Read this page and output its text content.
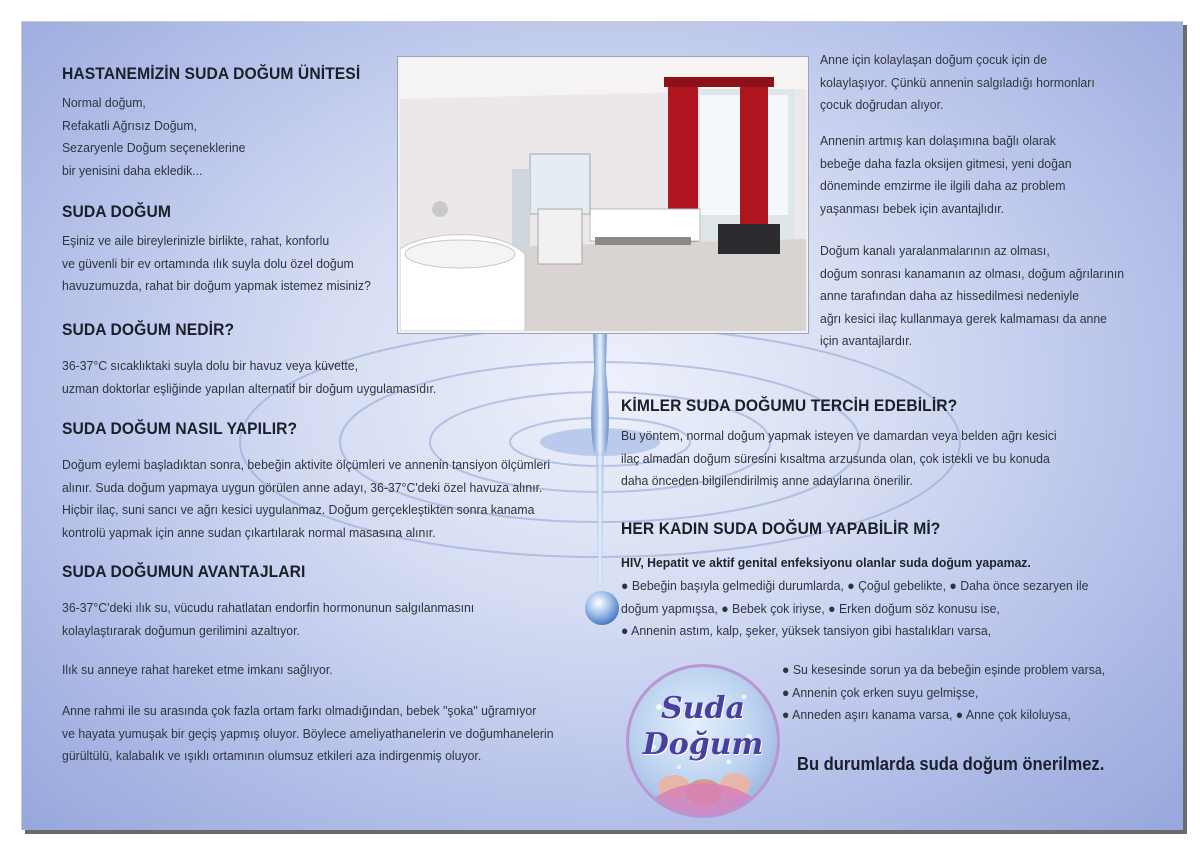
HASTANEMİZİN SUDA DOĞUM ÜNİTESİ
Normal doğum,
Refakatli Ağrısız Doğum,
Sezaryenle Doğum seçeneklerine
bir yenisini daha ekledik...
SUDA DOĞUM
Eşiniz ve aile bireylerinizle birlikte, rahat, konforlu
ve güvenli bir ev ortamında ılık suyla dolu özel doğum
havuzumuzda, rahat bir doğum yapmak istemez misiniz?
SUDA DOĞUM NEDİR?
36-37°C sıcaklıktaki suyla dolu bir havuz veya küvette,
uzman doktorlar eşliğinde yapılan alternatif bir doğum uygulamasıdır.
SUDA DOĞUM NASIL YAPILIR?
Doğum eylemi başladıktan sonra, bebeğin aktivite ölçümleri ve annenin tansiyon ölçümleri
alınır. Suda doğum yapmaya uygun görülen anne adayı, 36-37°C'deki özel havuza alınır.
Hiçbir ilaç, suni sancı ve ağrı kesici uygulanmaz. Doğum gerçekleştikten sonra kanama
kontrolü yapmak için anne sudan çıkartılarak normal masasına alınır.
SUDA DOĞUMUN AVANTAJLARI
36-37°C'deki ılık su, vücudu rahatlatan endorfin hormonunun salgılanmasını
kolaylaştırarak doğumun gerilimini azaltıyor.
Ilık su anneye rahat hareket etme imkanı sağlıyor.
Anne rahmi ile su arasında çok fazla ortam farkı olmadığından, bebek "şoka" uğramıyor
ve hayata yumuşak bir geçiş yapmış oluyor. Böylece ameliyathanelerin ve doğumhanelerin
gürültülü, kalabalık ve ışıklı ortamının olumsuz etkileri aza indirgenmiş oluyor.
Anne için kolaylaşan doğum çocuk için de
kolaylaşıyor. Çünkü annenin salgıladığı hormonları
çocuk doğrudan alıyor.
Annenin artmış kan dolaşımına bağlı olarak
bebeğe daha fazla oksijen gitmesi, yeni doğan
döneminde emzirme ile ilgili daha az problem
yaşanması bebek için avantajlıdır.
Doğum kanalı yaralanmalarının az olması,
doğum sonrası kanamanın az olması, doğum ağrılarının
anne tarafından daha az hissedilmesi nedeniyle
ağrı kesici ilaç kullanmaya gerek kalmaması da anne
için avantajlardır.
KİMLER SUDA DOĞUMU TERCİH EDEBİLİR?
Bu yöntem, normal doğum yapmak isteyen ve damardan veya belden ağrı kesici
ilaç almadan doğum süresini kısaltma arzusunda olan, çok istekli ve bu konuda
daha önceden bilgilendirilmiş anne adaylarına önerilir.
HER KADIN SUDA DOĞUM YAPABİLİR Mİ?
HIV, Hepatit ve aktif genital enfeksiyonu olanlar suda doğum yapamaz.
● Bebeğin başıyla gelmediği durumlarda, ● Çoğul gebelikte, ● Daha önce sezaryen ile
doğum yapmışsa, ● Bebek çok iriyse, ● Erken doğum söz konusu ise,
● Annenin astım, kalp, şeker, yüksek tansiyon gibi hastalıkları varsa,
● Su kesesinde sorun ya da bebeğin eşinde problem varsa,
● Annenin çok erken suyu gelmişse,
● Anneden aşırı kanama varsa, ● Anne çok kiloluysa,
Bu durumlarda suda doğum önerilmez.
Suda
Doğum
